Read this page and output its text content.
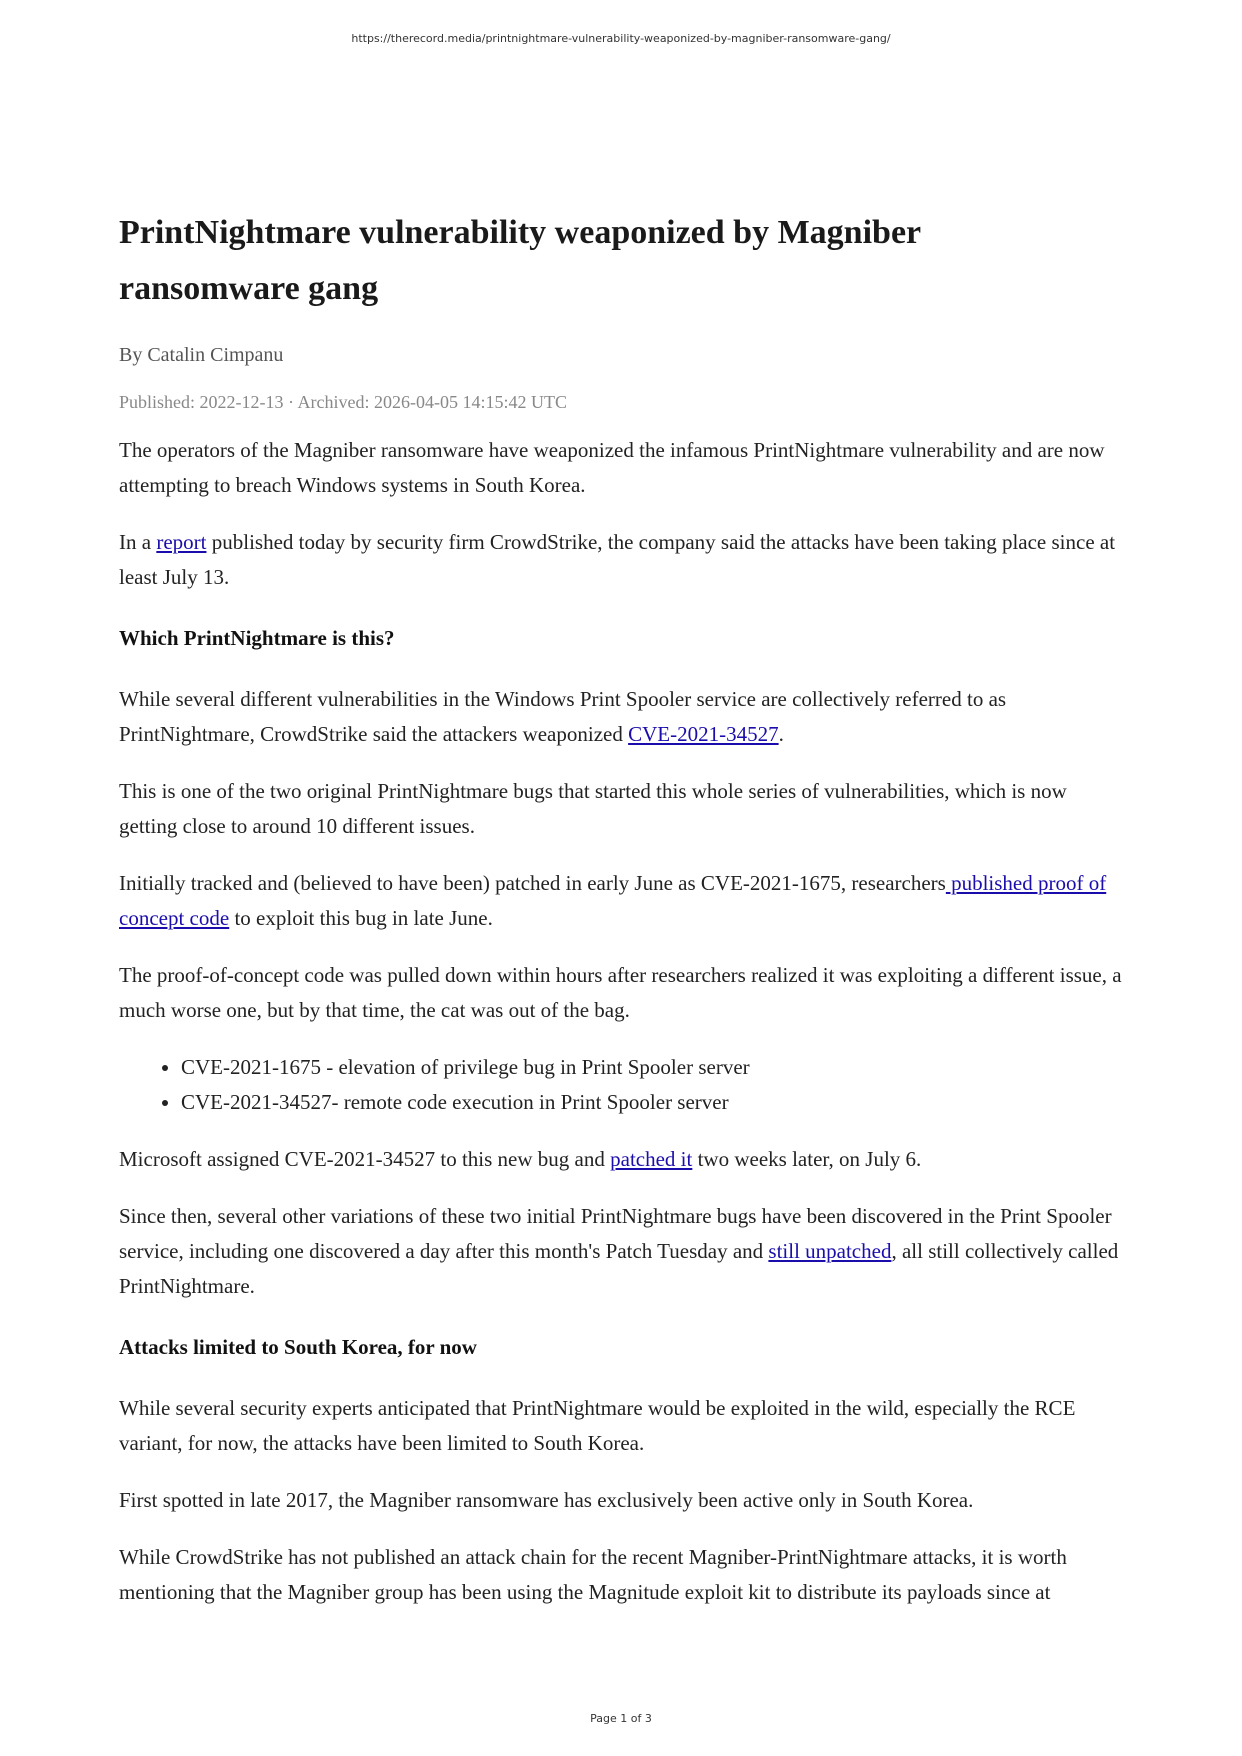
https://therecord.media/printnightmare-vulnerability-weaponized-by-magniber-ransomware-gang/
PrintNightmare vulnerability weaponized by Magniber ransomware gang
By Catalin Cimpanu
Published: 2022-12-13 · Archived: 2026-04-05 14:15:42 UTC

The operators of the Magniber ransomware have weaponized the infamous PrintNightmare vulnerability and are now attempting to breach Windows systems in South Korea.

In a report published today by security firm CrowdStrike, the company said the attacks have been taking place since at least July 13.

Which PrintNightmare is this?

While several different vulnerabilities in the Windows Print Spooler service are collectively referred to as PrintNightmare, CrowdStrike said the attackers weaponized CVE-2021-34527.

This is one of the two original PrintNightmare bugs that started this whole series of vulnerabilities, which is now getting close to around 10 different issues.

Initially tracked and (believed to have been) patched in early June as CVE-2021-1675, researchers published proof of concept code to exploit this bug in late June.

The proof-of-concept code was pulled down within hours after researchers realized it was exploiting a different issue, a much worse one, but by that time, the cat was out of the bag.

• CVE-2021-1675 - elevation of privilege bug in Print Spooler server
• CVE-2021-34527- remote code execution in Print Spooler server

Microsoft assigned CVE-2021-34527 to this new bug and patched it two weeks later, on July 6.

Since then, several other variations of these two initial PrintNightmare bugs have been discovered in the Print Spooler service, including one discovered a day after this month's Patch Tuesday and still unpatched, all still collectively called PrintNightmare.

Attacks limited to South Korea, for now

While several security experts anticipated that PrintNightmare would be exploited in the wild, especially the RCE variant, for now, the attacks have been limited to South Korea.

First spotted in late 2017, the Magniber ransomware has exclusively been active only in South Korea.

While CrowdStrike has not published an attack chain for the recent Magniber-PrintNightmare attacks, it is worth mentioning that the Magniber group has been using the Magnitude exploit kit to distribute its payloads since at

Page 1 of 3
